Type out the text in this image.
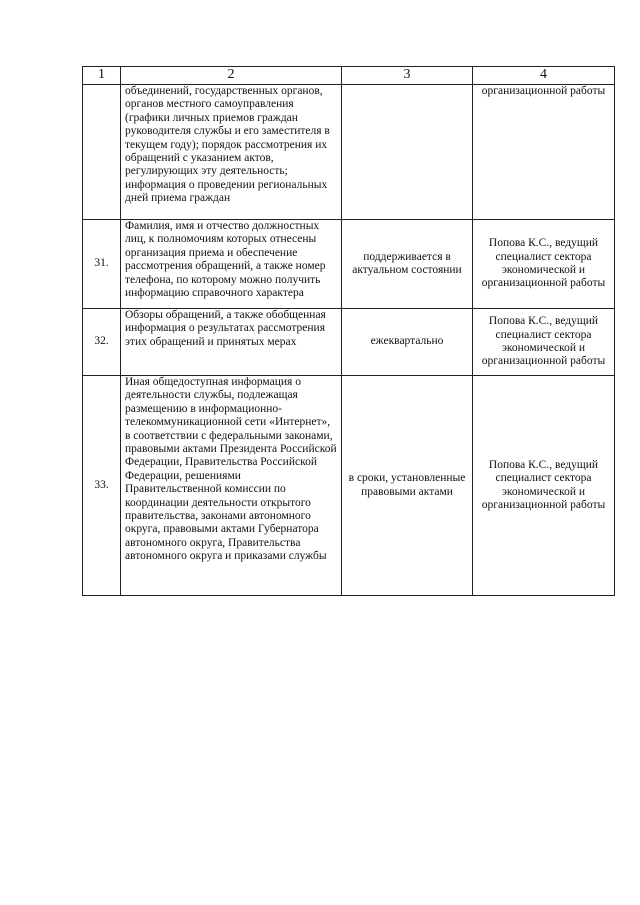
1	2	3	4
	объединений, государственных органов, органов местного самоуправления (графики личных приемов граждан руководителя службы и его заместителя в текущем году); порядок рассмотрения их обращений с указанием актов, регулирующих эту деятельность; информация о проведении региональных дней приема граждан		организационной работы
31.	Фамилия, имя и отчество должностных лиц, к полномочиям которых отнесены организация приема и обеспечение рассмотрения обращений, а также номер телефона, по которому можно получить информацию справочного характера	поддерживается в актуальном состоянии	Попова К.С., ведущий специалист сектора экономической и организационной работы
32.	Обзоры обращений, а также обобщенная информация о результатах рассмотрения этих обращений и принятых мерах	ежеквартально	Попова К.С., ведущий специалист сектора экономической и организационной работы
33.	Иная общедоступная информация о деятельности службы, подлежащая размещению в информационно-телекоммуникационной сети «Интернет», в соответствии с федеральными законами, правовыми актами Президента Российской Федерации, Правительства Российской Федерации, решениями Правительственной комиссии по координации деятельности открытого правительства, законами автономного округа, правовыми актами Губернатора автономного округа, Правительства автономного округа и приказами службы	в сроки, установленные правовыми актами	Попова К.С., ведущий специалист сектора экономической и организационной работы
